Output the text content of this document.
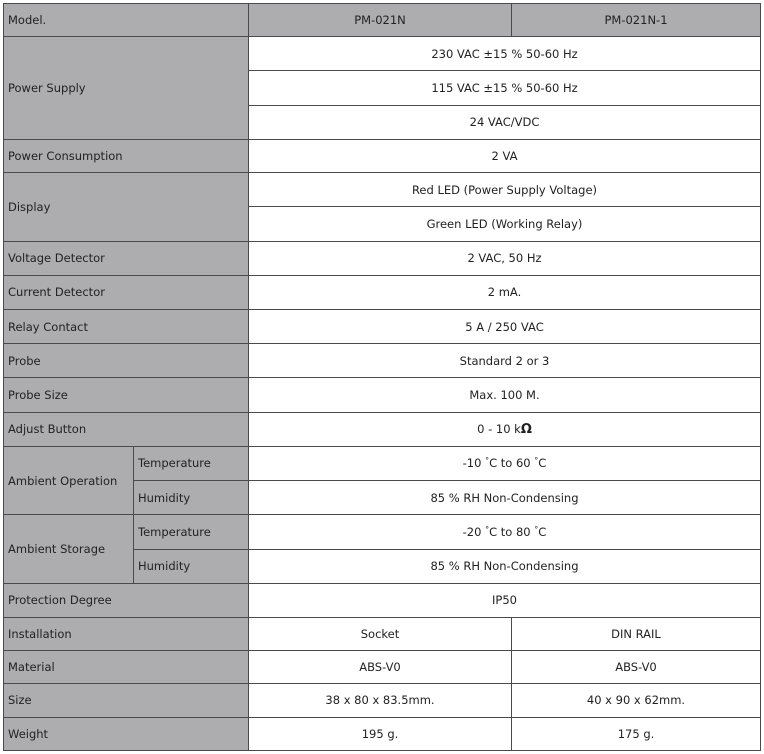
Model.		PM-021N	PM-021N-1
Power Supply		230 VAC ±15 % 50-60 Hz	
		115 VAC ±15 % 50-60 Hz	
		24 VAC/VDC	
Power Consumption		2 VA	
Display		Red LED (Power Supply Voltage)	
		Green LED (Working Relay)	
Voltage Detector		2 VAC, 50 Hz	
Current Detector		2 mA.	
Relay Contact		5 A / 250 VAC	
Probe		Standard 2 or 3	
Probe Size		Max. 100 M.	
Adjust Button		0 - 10 kΩ	
Ambient Operation	Temperature	-10 °C to 60 °C	
	Humidity	85 % RH Non-Condensing	
Ambient Storage	Temperature	-20 °C to 80 °C	
	Humidity	85 % RH Non-Condensing	
Protection Degree		IP50	
Installation		Socket	DIN RAIL
Material		ABS-V0	ABS-V0
Size		38 x 80 x 83.5mm.	40 x 90 x 62mm.
Weight		195 g.	175 g.
